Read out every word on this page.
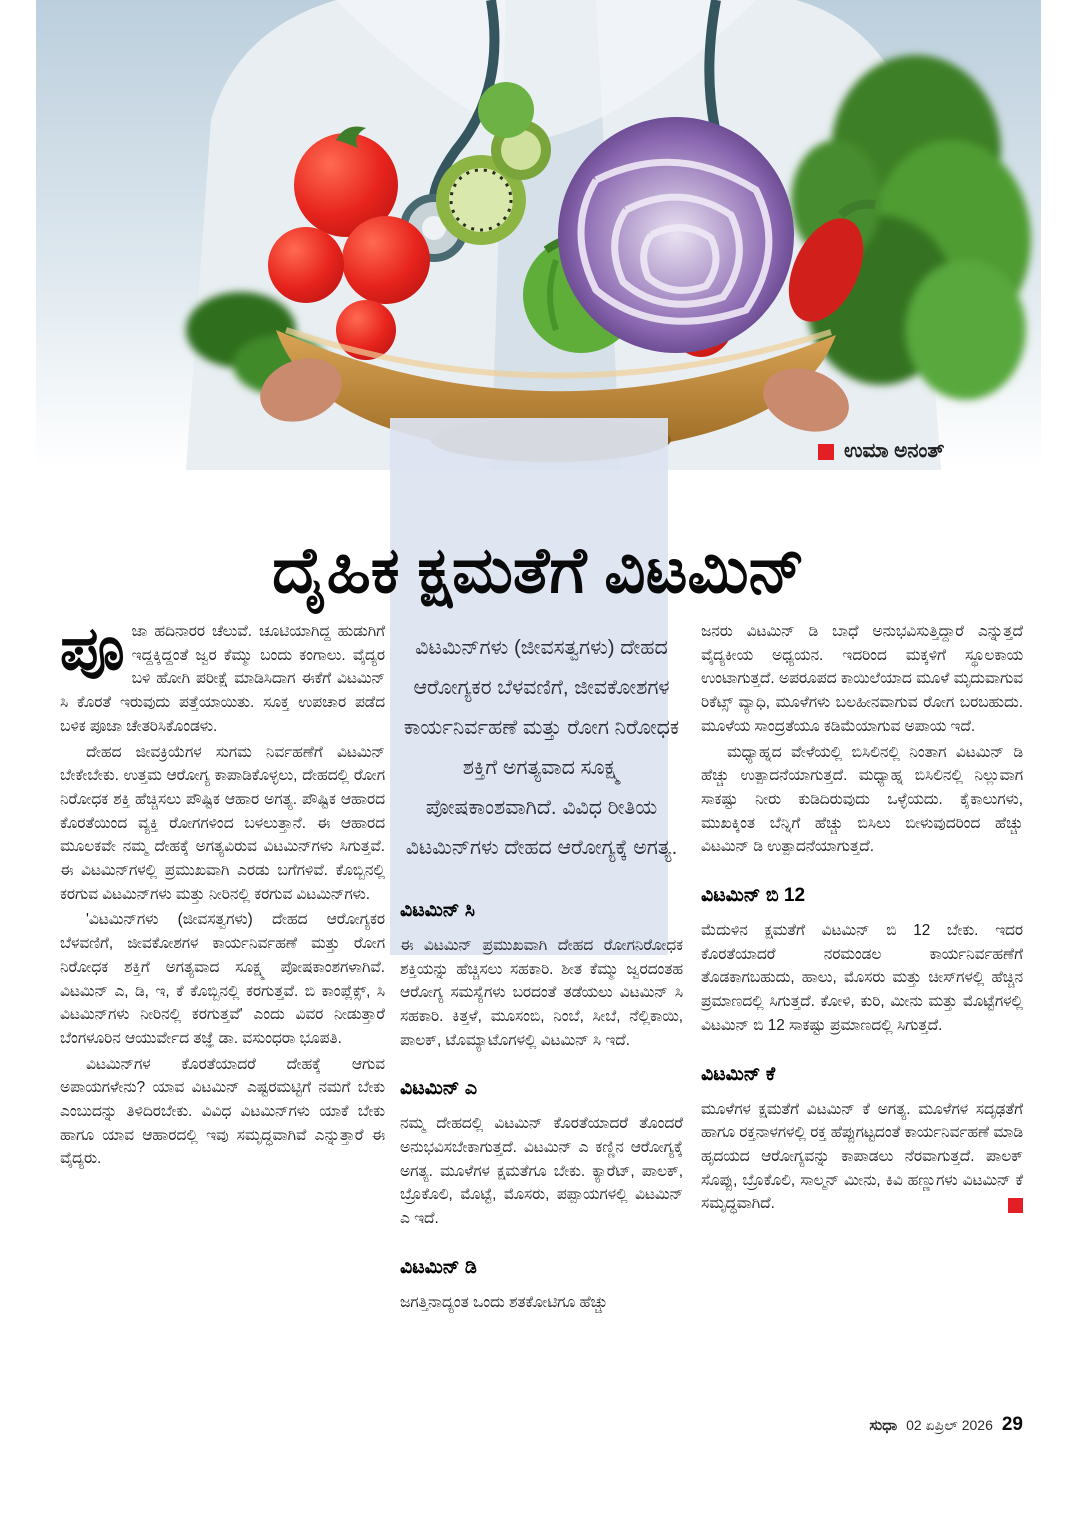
ಉಮಾ ಅನಂತ್
ದೈಹಿಕ ಕ್ಷಮತೆಗೆ ವಿಟಮಿನ್

ಪೂಜಾ ಹದಿನಾರರ ಚೆಲುವೆ. ಚೂಟಿಯಾಗಿದ್ದ ಹುಡುಗಿಗೆ ಇದ್ದಕ್ಕಿದ್ದಂತೆ ಜ್ವರ ಕೆಮ್ಮು ಬಂದು ಕಂಗಾಲು. ವೈದ್ಯರ ಬಳಿ ಹೋಗಿ ಪರೀಕ್ಷೆ ಮಾಡಿಸಿದಾಗ ಈಕೆಗೆ ವಿಟಮಿನ್ ಸಿ ಕೊರತೆ ಇರುವುದು ಪತ್ತೆಯಾಯಿತು. ಸೂಕ್ತ ಉಪಚಾರ ಪಡೆದ ಬಳಿಕ ಪೂಜಾ ಚೇತರಿಸಿಕೊಂಡಳು.

ದೇಹದ ಜೀವಕ್ರಿಯೆಗಳ ಸುಗಮ ನಿರ್ವಹಣೆಗೆ ವಿಟಮಿನ್ ಬೇಕೇಬೇಕು. ಉತ್ತಮ ಆರೋಗ್ಯ ಕಾಪಾಡಿಕೊಳ್ಳಲು, ದೇಹದಲ್ಲಿ ರೋಗ ನಿರೋಧಕ ಶಕ್ತಿ ಹೆಚ್ಚಿಸಲು ಪೌಷ್ಟಿಕ ಆಹಾರ ಅಗತ್ಯ. ಪೌಷ್ಟಿಕ ಆಹಾರದ ಕೊರತೆಯಿಂದ ವ್ಯಕ್ತಿ ರೋಗಗಳಿಂದ ಬಳಲುತ್ತಾನೆ. ಈ ಆಹಾರದ ಮೂಲಕವೇ ನಮ್ಮ ದೇಹಕ್ಕೆ ಅಗತ್ಯವಿರುವ ವಿಟಮಿನ್‌ಗಳು ಸಿಗುತ್ತವೆ. ಈ ವಿಟಮಿನ್‌ಗಳಲ್ಲಿ ಪ್ರಮುಖವಾಗಿ ಎರಡು ಬಗೆಗಳಿವೆ. ಕೊಬ್ಬಿನಲ್ಲಿ ಕರಗುವ ವಿಟಮಿನ್‌ಗಳು ಮತ್ತು ನೀರಿನಲ್ಲಿ ಕರಗುವ ವಿಟಮಿನ್‌ಗಳು.

'ವಿಟಮಿನ್‌ಗಳು (ಜೀವಸತ್ವಗಳು) ದೇಹದ ಆರೋಗ್ಯಕರ ಬೆಳವಣಿಗೆ, ಜೀವಕೋಶಗಳ ಕಾರ್ಯನಿರ್ವಹಣೆ ಮತ್ತು ರೋಗ ನಿರೋಧಕ ಶಕ್ತಿಗೆ ಅಗತ್ಯವಾದ ಸೂಕ್ಷ್ಮ ಪೋಷಕಾಂಶಗಳಾಗಿವೆ. ವಿಟಮಿನ್ ಎ, ಡಿ, ಇ, ಕೆ ಕೊಬ್ಬಿನಲ್ಲಿ ಕರಗುತ್ತವೆ. ಬಿ ಕಾಂಪ್ಲೆಕ್ಸ್, ಸಿ ವಿಟಮಿನ್‌ಗಳು ನೀರಿನಲ್ಲಿ ಕರಗುತ್ತವೆ' ಎಂದು ವಿವರ ನೀಡುತ್ತಾರೆ ಬೆಂಗಳೂರಿನ ಆಯುರ್ವೇದ ತಜ್ಞೆ ಡಾ. ವಸುಂಧರಾ ಭೂಪತಿ.

ವಿಟಮಿನ್‌ಗಳ ಕೊರತೆಯಾದರೆ ದೇಹಕ್ಕೆ ಆಗುವ ಅಪಾಯಗಳೇನು? ಯಾವ ವಿಟಮಿನ್ ಎಷ್ಟರಮಟ್ಟಿಗೆ ನಮಗೆ ಬೇಕು ಎಂಬುದನ್ನು ತಿಳಿದಿರಬೇಕು. ವಿವಿಧ ವಿಟಮಿನ್‌ಗಳು ಯಾಕೆ ಬೇಕು ಹಾಗೂ ಯಾವ ಆಹಾರದಲ್ಲಿ ಇವು ಸಮೃದ್ಧವಾಗಿವೆ ಎನ್ನುತ್ತಾರೆ ಈ ವೈದ್ಯರು.

ವಿಟಮಿನ್‌ಗಳು (ಜೀವಸತ್ವಗಳು) ದೇಹದ ಆರೋಗ್ಯಕರ ಬೆಳವಣಿಗೆ, ಜೀವಕೋಶಗಳ ಕಾರ್ಯನಿರ್ವಹಣೆ ಮತ್ತು ರೋಗ ನಿರೋಧಕ ಶಕ್ತಿಗೆ ಅಗತ್ಯವಾದ ಸೂಕ್ಷ್ಮ ಪೋಷಕಾಂಶವಾಗಿದೆ. ವಿವಿಧ ರೀತಿಯ ವಿಟಮಿನ್‌ಗಳು ದೇಹದ ಆರೋಗ್ಯಕ್ಕೆ ಅಗತ್ಯ.

ವಿಟಮಿನ್ ಸಿ

ಈ ವಿಟಮಿನ್ ಪ್ರಮುಖವಾಗಿ ದೇಹದ ರೋಗನಿರೋಧಕ ಶಕ್ತಿಯನ್ನು ಹೆಚ್ಚಿಸಲು ಸಹಕಾರಿ. ಶೀತ ಕೆಮ್ಮು ಜ್ವರದಂತಹ ಆರೋಗ್ಯ ಸಮಸ್ಯೆಗಳು ಬರದಂತೆ ತಡೆಯಲು ವಿಟಮಿನ್ ಸಿ ಸಹಕಾರಿ. ಕಿತ್ತಳೆ, ಮೂಸಂಬಿ, ನಿಂಬೆ, ಸೀಬೆ, ನೆಲ್ಲಿಕಾಯಿ, ಪಾಲಕ್, ಟೊಮ್ಯಾಟೊಗಳಲ್ಲಿ ವಿಟಮಿನ್ ಸಿ ಇದೆ.

ವಿಟಮಿನ್ ಎ

ನಮ್ಮ ದೇಹದಲ್ಲಿ ವಿಟಮಿನ್ ಕೊರತೆಯಾದರೆ ತೊಂದರೆ ಅನುಭವಿಸಬೇಕಾಗುತ್ತದೆ. ವಿಟಮಿನ್ ಎ ಕಣ್ಣಿನ ಆರೋಗ್ಯಕ್ಕೆ ಅಗತ್ಯ. ಮೂಳೆಗಳ ಕ್ಷಮತೆಗೂ ಬೇಕು. ಕ್ಯಾರೆಟ್, ಪಾಲಕ್, ಬ್ರೊಕೊಲಿ, ಮೊಟ್ಟೆ, ಮೊಸರು, ಪಪ್ಪಾಯಗಳಲ್ಲಿ ವಿಟಮಿನ್ ಎ ಇದೆ.

ವಿಟಮಿನ್ ಡಿ

ಜಗತ್ತಿನಾದ್ಯಂತ ಒಂದು ಶತಕೋಟಿಗೂ ಹೆಚ್ಚು

ಜನರು ವಿಟಮಿನ್ ಡಿ ಬಾಧೆ ಅನುಭವಿಸುತ್ತಿದ್ದಾರೆ ಎನ್ನುತ್ತದೆ ವೈದ್ಯಕೀಯ ಅಧ್ಯಯನ. ಇದರಿಂದ ಮಕ್ಕಳಿಗೆ ಸ್ಥೂಲಕಾಯ ಉಂಟಾಗುತ್ತದೆ. ಅಪರೂಪದ ಕಾಯಿಲೆಯಾದ ಮೂಳೆ ಮೃದುವಾಗುವ ರಿಕೆಟ್ಸ್ ವ್ಯಾಧಿ, ಮೂಳೆಗಳು ಬಲಹೀನವಾಗುವ ರೋಗ ಬರಬಹುದು. ಮೂಳೆಯ ಸಾಂದ್ರತೆಯೂ ಕಡಿಮೆಯಾಗುವ ಅಪಾಯ ಇದೆ.

ಮಧ್ಯಾಹ್ನದ ವೇಳೆಯಲ್ಲಿ ಬಿಸಿಲಿನಲ್ಲಿ ನಿಂತಾಗ ವಿಟಮಿನ್ ಡಿ ಹೆಚ್ಚು ಉತ್ಪಾದನೆಯಾಗುತ್ತದೆ. ಮಧ್ಯಾಹ್ನ ಬಿಸಿಲಿನಲ್ಲಿ ನಿಲ್ಲುವಾಗ ಸಾಕಷ್ಟು ನೀರು ಕುಡಿದಿರುವುದು ಒಳ್ಳೆಯದು. ಕೈಕಾಲುಗಳು, ಮುಖಕ್ಕಿಂತ ಬೆನ್ನಿಗೆ ಹೆಚ್ಚು ಬಿಸಿಲು ಬೀಳುವುದರಿಂದ ಹೆಚ್ಚು ವಿಟಮಿನ್ ಡಿ ಉತ್ಪಾದನೆಯಾಗುತ್ತದೆ.

ವಿಟಮಿನ್ ಬಿ 12

ಮೆದುಳಿನ ಕ್ಷಮತೆಗೆ ವಿಟಮಿನ್ ಬಿ 12 ಬೇಕು. ಇದರ ಕೊರತೆಯಾದರೆ ನರಮಂಡಲ ಕಾರ್ಯನಿರ್ವಹಣೆಗೆ ತೊಡಕಾಗಬಹುದು, ಹಾಲು, ಮೊಸರು ಮತ್ತು ಚೀಸ್‌ಗಳಲ್ಲಿ ಹೆಚ್ಚಿನ ಪ್ರಮಾಣದಲ್ಲಿ ಸಿಗುತ್ತದೆ. ಕೋಳಿ, ಕುರಿ, ಮೀನು ಮತ್ತು ಮೊಟ್ಟೆಗಳಲ್ಲಿ ವಿಟಮಿನ್ ಬಿ 12 ಸಾಕಷ್ಟು ಪ್ರಮಾಣದಲ್ಲಿ ಸಿಗುತ್ತದೆ.

ವಿಟಮಿನ್ ಕೆ

ಮೂಳೆಗಳ ಕ್ಷಮತೆಗೆ ವಿಟಮಿನ್ ಕೆ ಅಗತ್ಯ. ಮೂಳೆಗಳ ಸದೃಢತೆಗೆ ಹಾಗೂ ರಕ್ತನಾಳಗಳಲ್ಲಿ ರಕ್ತ ಹೆಪ್ಪುಗಟ್ಟದಂತೆ ಕಾರ್ಯನಿರ್ವಹಣೆ ಮಾಡಿ ಹೃದಯದ ಆರೋಗ್ಯವನ್ನು ಕಾಪಾಡಲು ನೆರವಾಗುತ್ತದೆ. ಪಾಲಕ್ ಸೊಪ್ಪು, ಬ್ರೊಕೊಲಿ, ಸಾಲ್ಮನ್ ಮೀನು, ಕಿವಿ ಹಣ್ಣುಗಳು ವಿಟಮಿನ್ ಕೆ ಸಮೃದ್ಧವಾಗಿದೆ.

ಸುಧಾ 02 ಏಪ್ರಿಲ್ 2026 29
